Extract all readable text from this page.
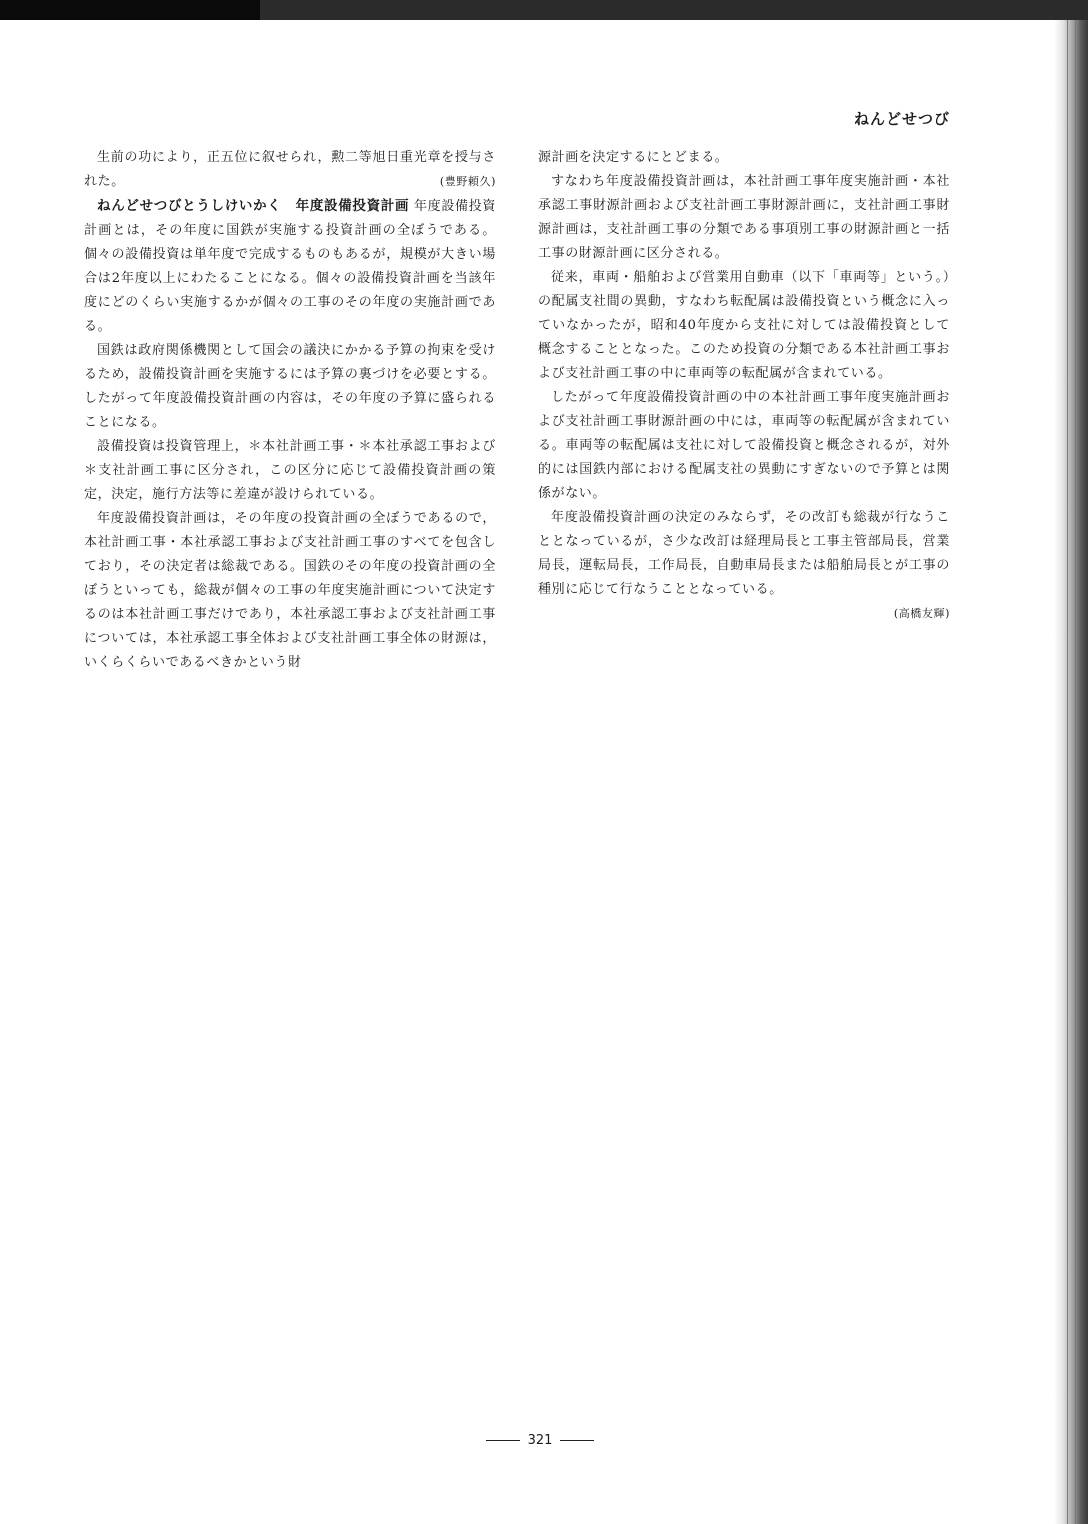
ねんどせつび

生前の功により，正五位に叙せられ，勲二等旭日重光章を授与された。	(豊野頼久)

ねんどせつびとうしけいかく　年度設備投資計画 年度設備投資計画とは，その年度に国鉄が実施する投資計画の全ぼうである。個々の設備投資は単年度で完成するものもあるが，規模が大きい場合は2年度以上にわたることになる。個々の設備投資計画を当該年度にどのくらい実施するかが個々の工事のその年度の実施計画である。

国鉄は政府関係機関として国会の議決にかかる予算の拘束を受けるため，設備投資計画を実施するには予算の裏づけを必要とする。したがって年度設備投資計画の内容は，その年度の予算に盛られることになる。

設備投資は投資管理上，＊本社計画工事・＊本社承認工事および＊支社計画工事に区分され，この区分に応じて設備投資計画の策定，決定，施行方法等に差違が設けられている。

年度設備投資計画は，その年度の投資計画の全ぼうであるので，本社計画工事・本社承認工事および支社計画工事のすべてを包含しており，その決定者は総裁である。国鉄のその年度の投資計画の全ぼうといっても，総裁が個々の工事の年度実施計画について決定するのは本社計画工事だけであり，本社承認工事および支社計画工事については，本社承認工事全体および支社計画工事全体の財源は，いくらくらいであるべきかという財

源計画を決定するにとどまる。

すなわち年度設備投資計画は，本社計画工事年度実施計画・本社承認工事財源計画および支社計画工事財源計画に，支社計画工事財源計画は，支社計画工事の分類である事項別工事の財源計画と一括工事の財源計画に区分される。

従来，車両・船舶および営業用自動車（以下「車両等」という。）の配属支社間の異動，すなわち転配属は設備投資という概念に入っていなかったが，昭和40年度から支社に対しては設備投資として概念することとなった。このため投資の分類である本社計画工事および支社計画工事の中に車両等の転配属が含まれている。

したがって年度設備投資計画の中の本社計画工事年度実施計画および支社計画工事財源計画の中には，車両等の転配属が含まれている。車両等の転配属は支社に対して設備投資と概念されるが，対外的には国鉄内部における配属支社の異動にすぎないので予算とは関係がない。

年度設備投資計画の決定のみならず，その改訂も総裁が行なうこととなっているが，さ少な改訂は経理局長と工事主管部局長，営業局長，運転局長，工作局長，自動車局長または船舶局長とが工事の種別に応じて行なうこととなっている。

(高橋友輝)
321
